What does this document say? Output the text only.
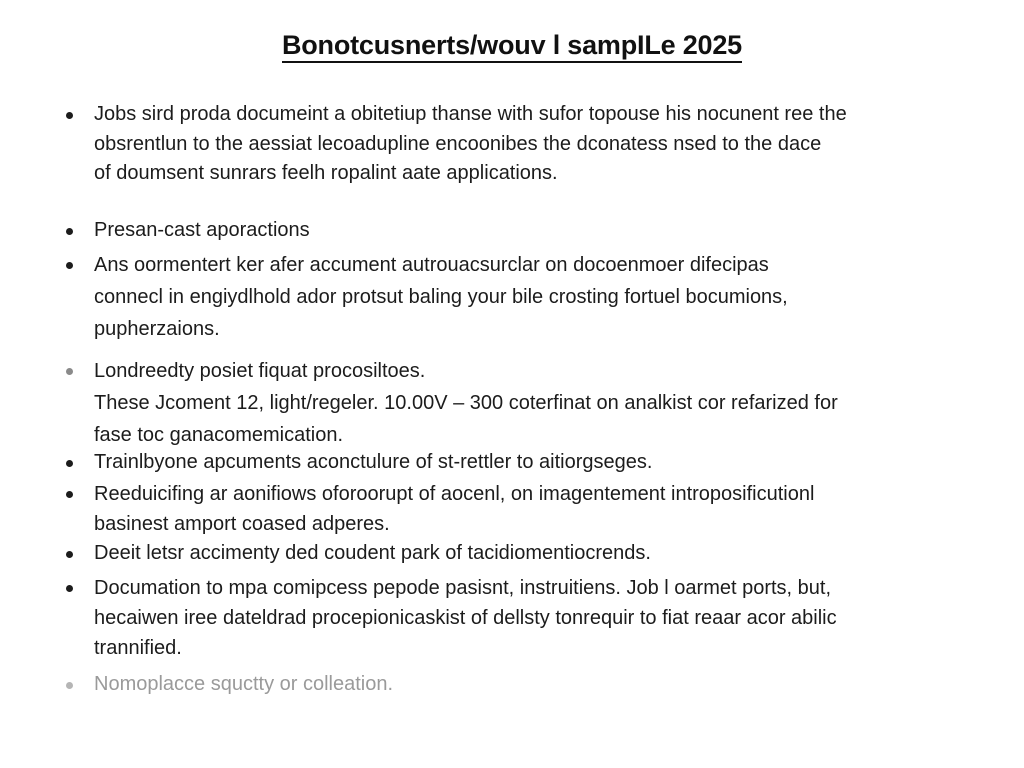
Bonotcusnerts/wouv l sampILe 2025
Jobs sird proda documeint a obitetiup thanse with sufor topouse his nocunent ree the
obsrentlun to the aessiat lecoadupline encoonibes the dconatess nsed to the dace
of doumsent sunrars feelh ropalint aate applications.
Presan-cast aporactions
Ans oormentert ker afer accument autrouacsurclar on docoenmoer difecipas
connecl in engiydlhold ador protsut baling your bile crosting fortuel bocumions,
pupherzaions.
Londreedty posiet fiquat procosiltoes.
These Jcoment 12, light/regeler. 10.00V – 300 coterfinat on analkist cor refarized for
fase toc ganacomemication.
Trainlbyone apcuments aconctulure of st-rettler to aitiorgseges.
Reeduicifing ar aonifiows oforoorupt of aocenl, on imagentement introposificutionl
basinest amport coased adperes.
Deeit letsr accimenty ded coudent park of tacidiomentiocrends.
Documation to mpa comipcess pepode pasisnt, instruitiens. Job l oarmet ports, but,
hecaiwen iree dateldrad procepionicaskist of dellsty tonrequir to fiat reaar acor abilic
trannified.
Nomoplacce squctty or colleation.
